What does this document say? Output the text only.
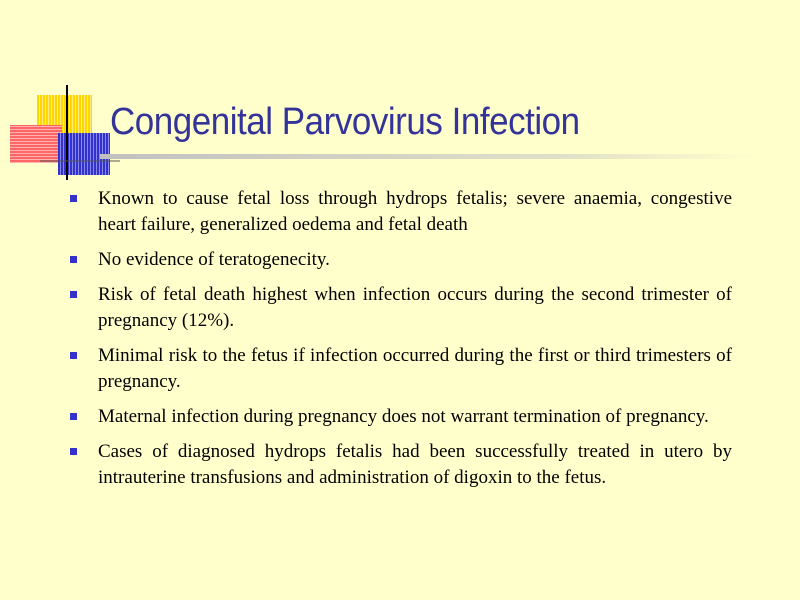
Congenital Parvovirus Infection
Known to cause fetal loss through hydrops fetalis; severe anaemia, congestive heart failure, generalized oedema and fetal death
No evidence of teratogenecity.
Risk of fetal death highest when infection occurs during the second trimester of pregnancy (12%).
Minimal risk to the fetus if infection occurred during the first or third trimesters of pregnancy.
Maternal infection during pregnancy does not warrant termination of pregnancy.
Cases of diagnosed hydrops fetalis had been successfully treated in utero by intrauterine transfusions and administration of digoxin to the fetus.
